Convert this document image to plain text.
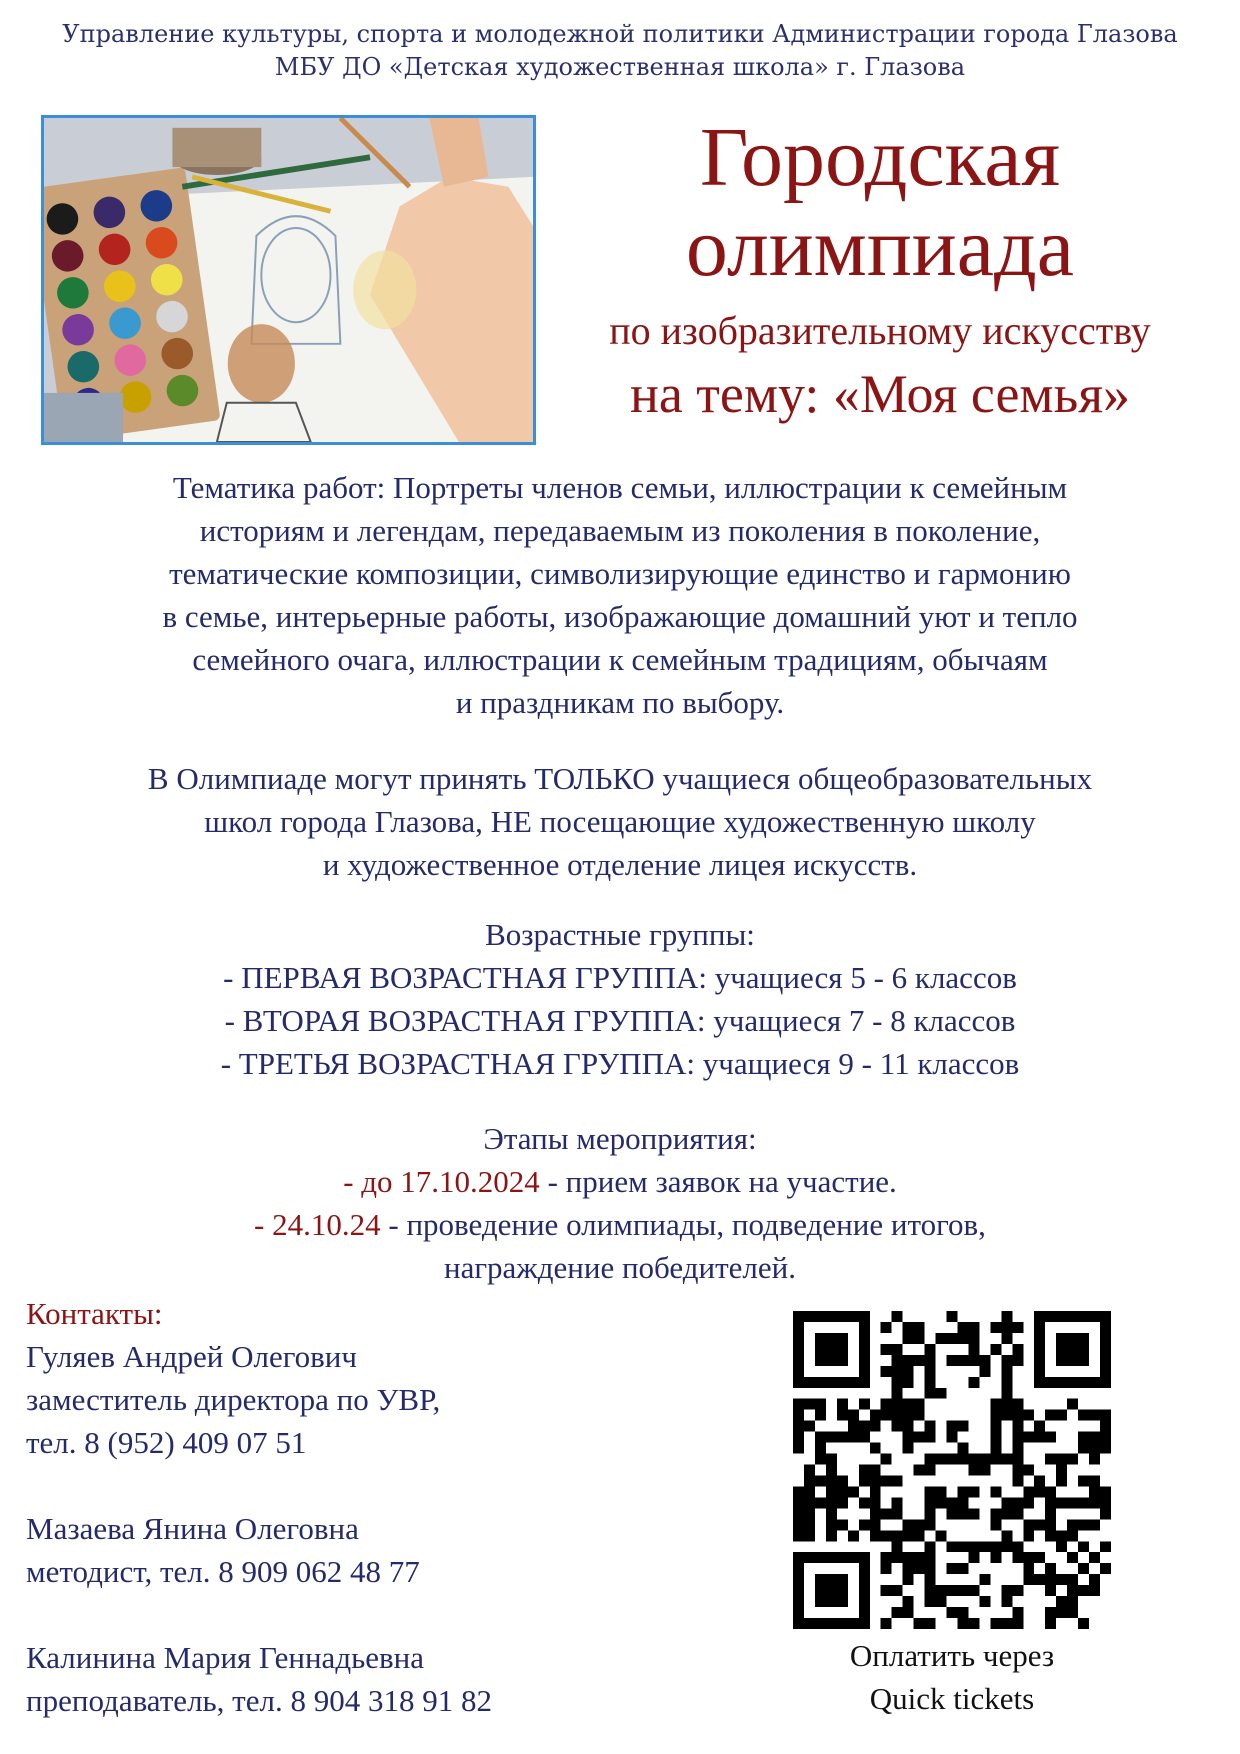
Управление культуры, спорта и молодежной политики Администрации города Глазова
МБУ ДО «Детская художественная школа» г. Глазова
Городская
олимпиада
по изобразительному искусству
на тему: «Моя семья»
Тематика работ: Портреты членов семьи, иллюстрации к семейным
историям и легендам, передаваемым из поколения в поколение,
тематические композиции, символизирующие единство и гармонию
в семье, интерьерные работы, изображающие домашний уют и тепло
семейного очага, иллюстрации к семейным традициям, обычаям
и праздникам по выбору.
В Олимпиаде могут принять ТОЛЬКО учащиеся общеобразовательных
школ города Глазова, НЕ посещающие художественную школу
и художественное отделение лицея искусств.
Возрастные группы:
- ПЕРВАЯ ВОЗРАСТНАЯ ГРУППА: учащиеся 5 - 6 классов
- ВТОРАЯ ВОЗРАСТНАЯ ГРУППА: учащиеся 7 - 8 классов
- ТРЕТЬЯ ВОЗРАСТНАЯ ГРУППА: учащиеся 9 - 11 классов
Этапы мероприятия:
- до 17.10.2024 - прием заявок на участие.
- 24.10.24 - проведение олимпиады, подведение итогов,
награждение победителей.
Контакты:
Гуляев Андрей Олегович
заместитель директора по УВР,
тел. 8 (952) 409 07 51
Мазаева Янина Олеговна
методист, тел. 8 909 062 48 77
Калинина Мария Геннадьевна
преподаватель, тел. 8 904 318 91 82
Оплатить через
Quick tickets
